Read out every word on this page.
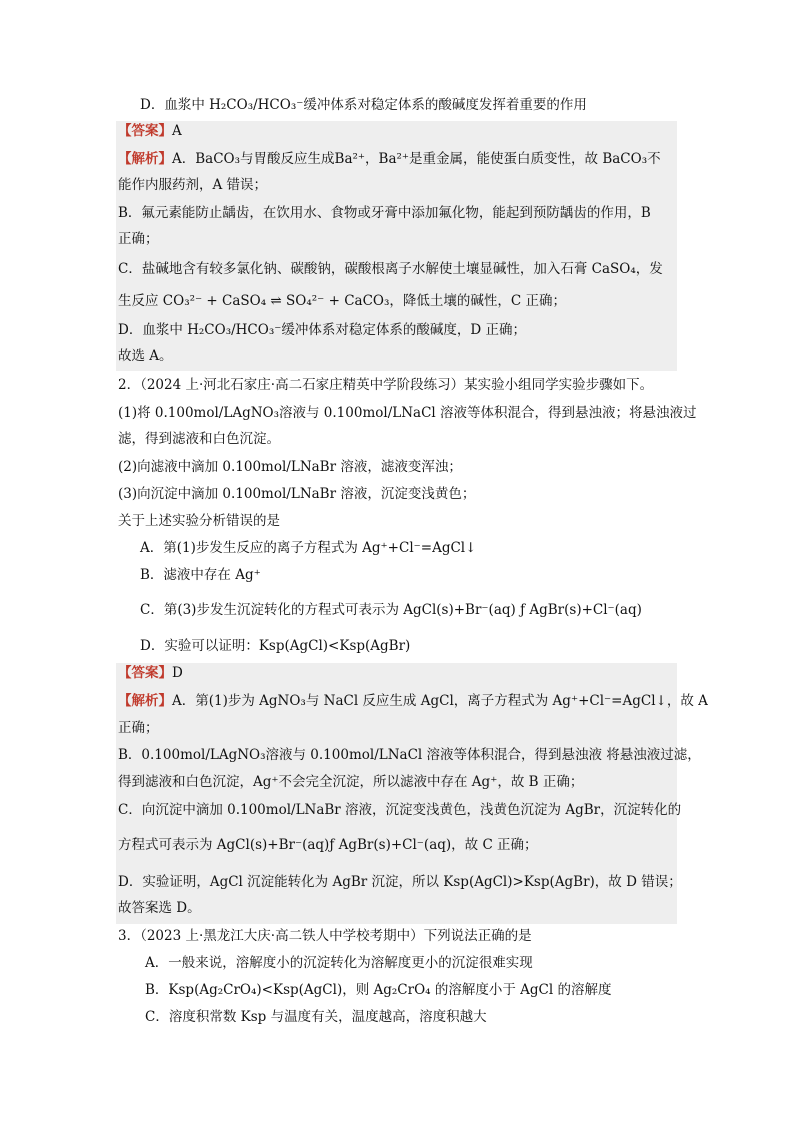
D．血浆中 H₂CO₃/HCO₃⁻缓冲体系对稳定体系的酸碱度发挥着重要的作用
【答案】A
【解析】A．BaCO₃与胃酸反应生成Ba²⁺，Ba²⁺是重金属，能使蛋白质变性，故 BaCO₃不
能作内服药剂，A 错误；
B．氟元素能防止龋齿，在饮用水、食物或牙膏中添加氟化物，能起到预防龋齿的作用，B
正确；
C．盐碱地含有较多氯化钠、碳酸钠，碳酸根离子水解使土壤显碱性，加入石膏 CaSO₄，发
生反应 CO₃²⁻ + CaSO₄ ⇌ SO₄²⁻ + CaCO₃，降低土壤的碱性，C 正确；
D．血浆中 H₂CO₃/HCO₃⁻缓冲体系对稳定体系的酸碱度，D 正确；
故选 A。
2．（2024 上·河北石家庄·高二石家庄精英中学阶段练习）某实验小组同学实验步骤如下。
(1)将 0.100mol/LAgNO₃溶液与 0.100mol/LNaCl 溶液等体积混合，得到悬浊液；将悬浊液过
滤，得到滤液和白色沉淀。
(2)向滤液中滴加 0.100mol/LNaBr 溶液，滤液变浑浊；
(3)向沉淀中滴加 0.100mol/LNaBr 溶液，沉淀变浅黄色；
关于上述实验分析错误的是
A．第(1)步发生反应的离子方程式为 Ag⁺+Cl⁻=AgCl↓
B．滤液中存在 Ag⁺
C．第(3)步发生沉淀转化的方程式可表示为 AgCl(s)+Br⁻(aq) ƒ AgBr(s)+Cl⁻(aq)
D．实验可以证明：Ksp(AgCl)<Ksp(AgBr)
【答案】D
【解析】A．第(1)步为 AgNO₃与 NaCl 反应生成 AgCl，离子方程式为 Ag⁺+Cl⁻=AgCl↓，故 A
正确；
B．0.100mol/LAgNO₃溶液与 0.100mol/LNaCl 溶液等体积混合，得到悬浊液 将悬浊液过滤，
得到滤液和白色沉淀，Ag⁺不会完全沉淀，所以滤液中存在 Ag⁺，故 B 正确；
C．向沉淀中滴加 0.100mol/LNaBr 溶液，沉淀变浅黄色，浅黄色沉淀为 AgBr，沉淀转化的
方程式可表示为 AgCl(s)+Br⁻(aq)ƒ AgBr(s)+Cl⁻(aq)，故 C 正确；
D．实验证明，AgCl 沉淀能转化为 AgBr 沉淀，所以 Ksp(AgCl)>Ksp(AgBr)，故 D 错误；
故答案选 D。
3．（2023 上·黑龙江大庆·高二铁人中学校考期中）下列说法正确的是
A．一般来说，溶解度小的沉淀转化为溶解度更小的沉淀很难实现
B．Ksp(Ag₂CrO₄)<Ksp(AgCl)，则 Ag₂CrO₄ 的溶解度小于 AgCl 的溶解度
C．溶度积常数 Ksp 与温度有关，温度越高，溶度积越大
